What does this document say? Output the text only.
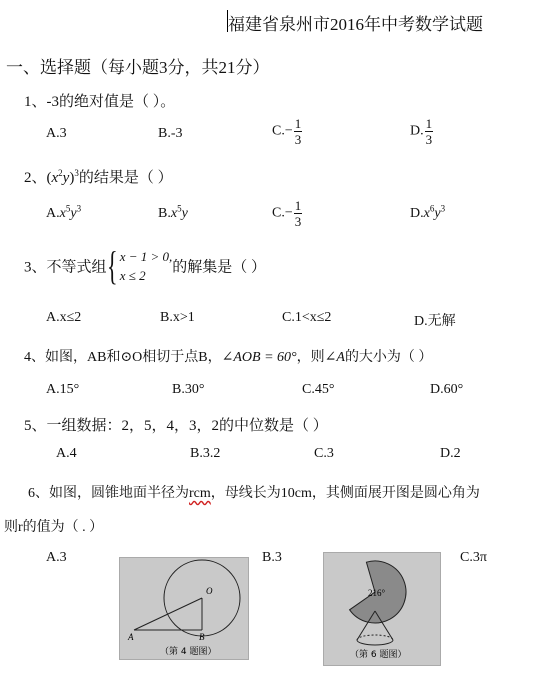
福建省泉州市2016年中考数学试题
一、选择题（每小题3分，共21分）
1、-3的绝对值是（ ）。
A.3	B.-3	$C.- \frac{1}{3}$	D. $\frac{1}{3}$
2、$(x^2y)^3$的结果是（ ）
$A.x^5y^3$	$B.x^5y$	$C.- \frac{1}{3}$	$D.x^6y^3$
3、不等式组{ x − 1 > 0,
x ≤ 2 的解集是（ ）
A.x≤2	B.x>1	C.1<x≤2	D.无解
4、如图，AB和⊙O相切于点B，∠AOB = 60°，则∠A的大小为（ ）
A.15°	B.30°	C.45°	D.60°
5、一组数据：2，5，4，3，2的中位数是（ ）
A.4	B.3.2	C.3	D.2
6、如图，圆锥地面半径为rcm，母线长为10cm，其侧面展开图是圆心角为
则r的值为（ . ）
A.3	B.3	C.3π
O
A	B
（第 4 题图）
216°
（第 6 题图）
